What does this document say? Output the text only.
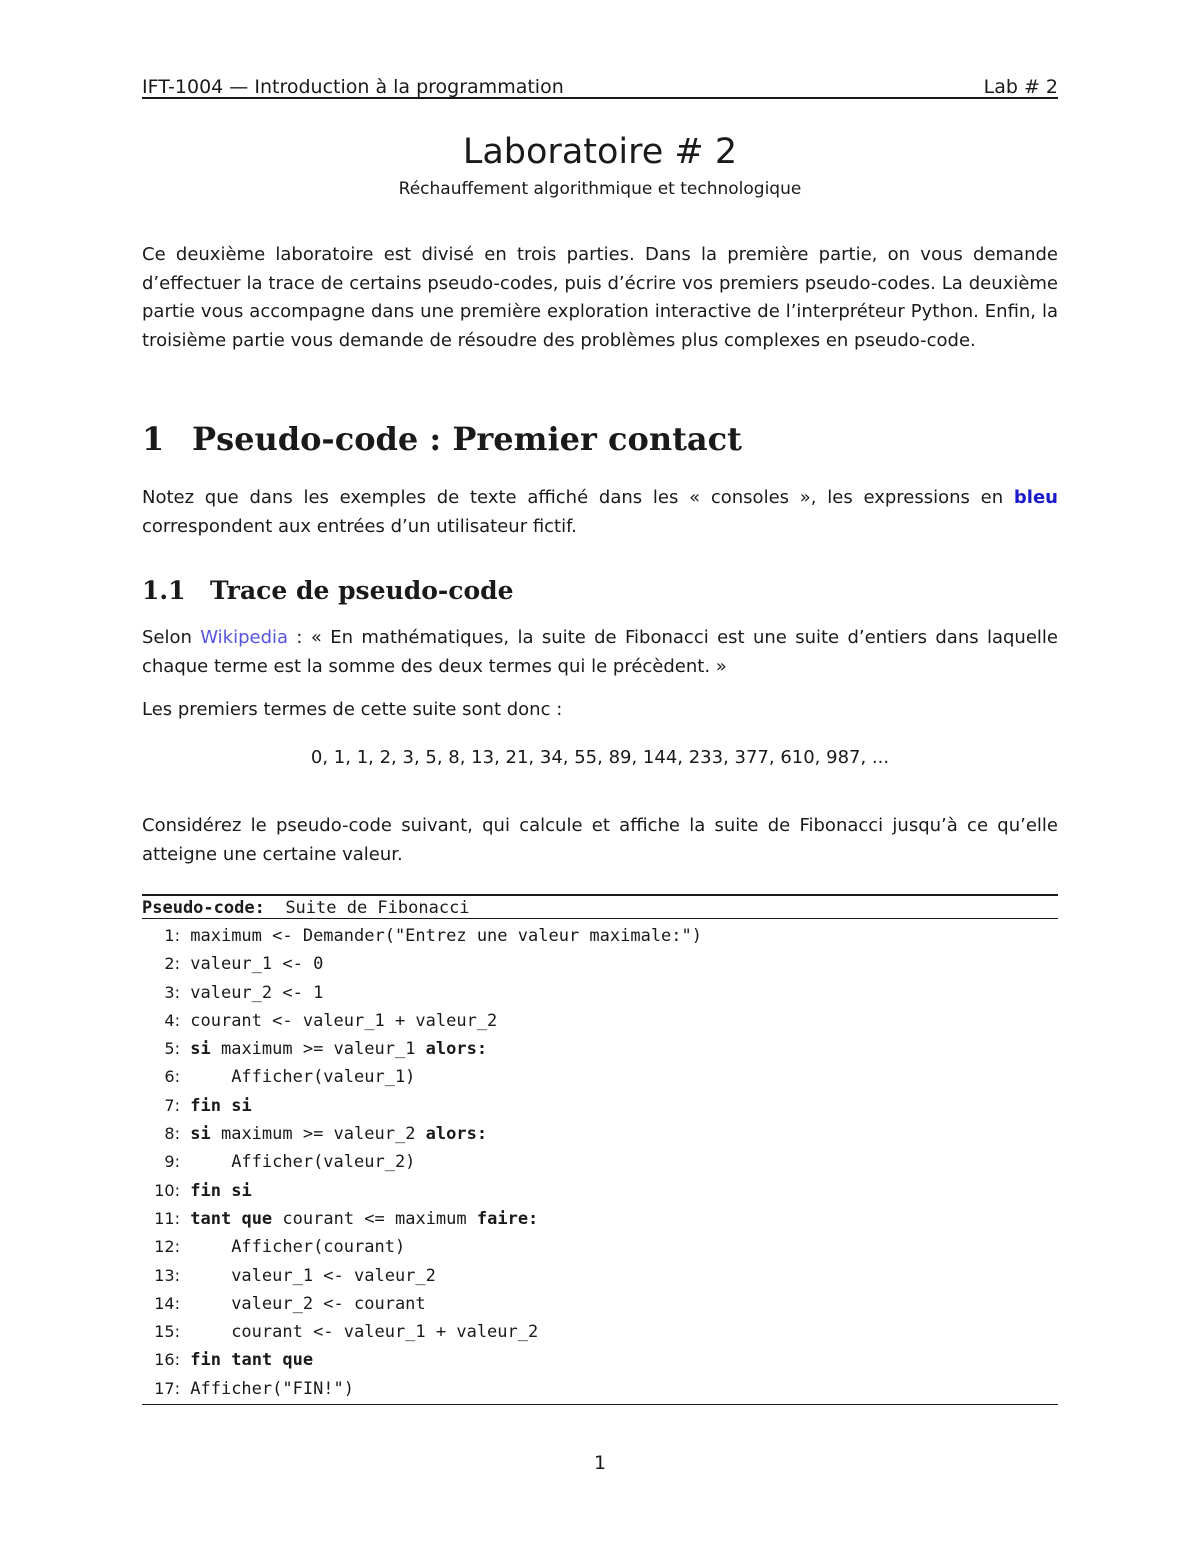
IFT-1004 — Introduction à la programmation	Lab # 2
Laboratoire # 2
Réchauffement algorithmique et technologique

Ce deuxième laboratoire est divisé en trois parties. Dans la première partie, on vous demande d’effectuer la trace de certains pseudo-codes, puis d’écrire vos premiers pseudo-codes. La deuxième partie vous accompagne dans une première exploration interactive de l’interpréteur Python. Enfin, la troisième partie vous demande de résoudre des problèmes plus complexes en pseudo-code.

1 Pseudo-code : Premier contact

Notez que dans les exemples de texte affiché dans les « consoles », les expressions en bleu correspondent aux entrées d’un utilisateur fictif.

1.1 Trace de pseudo-code

Selon Wikipedia : « En mathématiques, la suite de Fibonacci est une suite d’entiers dans laquelle chaque terme est la somme des deux termes qui le précèdent. »

Les premiers termes de cette suite sont donc :

0, 1, 1, 2, 3, 5, 8, 13, 21, 34, 55, 89, 144, 233, 377, 610, 987, ...

Considérez le pseudo-code suivant, qui calcule et affiche la suite de Fibonacci jusqu’à ce qu’elle atteigne une certaine valeur.

Pseudo-code: Suite de Fibonacci
1: maximum <- Demander("Entrez une valeur maximale:")
2: valeur_1 <- 0
3: valeur_2 <- 1
4: courant <- valeur_1 + valeur_2
5: si maximum >= valeur_1 alors:
6:     Afficher(valeur_1)
7: fin si
8: si maximum >= valeur_2 alors:
9:     Afficher(valeur_2)
10: fin si
11: tant que courant <= maximum faire:
12:     Afficher(courant)
13:     valeur_1 <- valeur_2
14:     valeur_2 <- courant
15:     courant <- valeur_1 + valeur_2
16: fin tant que
17: Afficher("FIN!")
1
